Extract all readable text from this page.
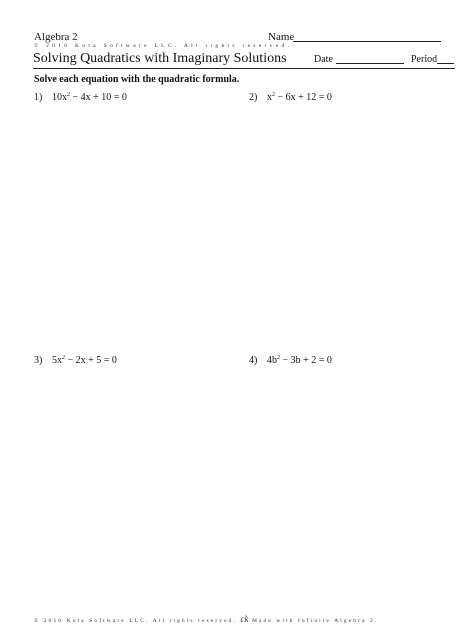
Algebra 2	Name
© 2016 Kuta Software LLC. All rights reserved.
Solving Quadratics with Imaginary Solutions	Date	Period
Solve each equation with the quadratic formula.
1) $10x^2 - 4x + 10 = 0$	2) $x^2 - 6x + 12 = 0$
3) $5x^2 - 2x + 5 = 0$	4) $4b^2 - 3b + 2 = 0$
© 2016 Kuta Software LLC. All rights reserved. ck Made with Infinite Algebra 2.
